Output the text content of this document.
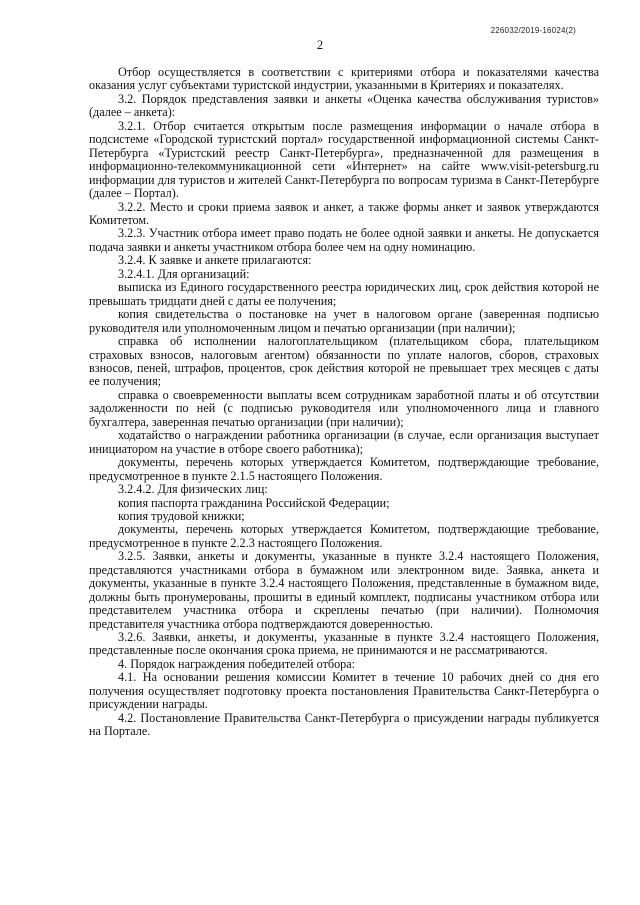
226032/2019-16024(2)
2

Отбор осуществляется в соответствии с критериями отбора и показателями качества оказания услуг субъектами туристской индустрии, указанными в Критериях и показателях.

3.2. Порядок представления заявки и анкеты «Оценка качества обслуживания туристов» (далее – анкета):

3.2.1. Отбор считается открытым после размещения информации о начале отбора в подсистеме «Городской туристский портал» государственной информационной системы Санкт-Петербурга «Туристский реестр Санкт-Петербурга», предназначенной для размещения в информационно-телекоммуникационной сети «Интернет» на сайте www.visit-petersburg.ru информации для туристов и жителей Санкт-Петербурга по вопросам туризма в Санкт-Петербурге (далее – Портал).

3.2.2. Место и сроки приема заявок и анкет, а также формы анкет и заявок утверждаются Комитетом.

3.2.3. Участник отбора имеет право подать не более одной заявки и анкеты. Не допускается подача заявки и анкеты участником отбора более чем на одну номинацию.

3.2.4. К заявке и анкете прилагаются:

3.2.4.1. Для организаций:

выписка из Единого государственного реестра юридических лиц, срок действия которой не превышать тридцати дней с даты ее получения;

копия свидетельства о постановке на учет в налоговом органе (заверенная подписью руководителя или уполномоченным лицом и печатью организации (при наличии);

справка об исполнении налогоплательщиком (плательщиком сбора, плательщиком страховых взносов, налоговым агентом) обязанности по уплате налогов, сборов, страховых взносов, пеней, штрафов, процентов, срок действия которой не превышает трех месяцев с даты ее получения;

справка о своевременности выплаты всем сотрудникам заработной платы и об отсутствии задолженности по ней (с подписью руководителя или уполномоченного лица и главного бухгалтера, заверенная печатью организации (при наличии);

ходатайство о награждении работника организации (в случае, если организация выступает инициатором на участие в отборе своего работника);

документы, перечень которых утверждается Комитетом, подтверждающие требование, предусмотренное в пункте 2.1.5 настоящего Положения.

3.2.4.2. Для физических лиц:

копия паспорта гражданина Российской Федерации;

копия трудовой книжки;

документы, перечень которых утверждается Комитетом, подтверждающие требование, предусмотренное в пункте 2.2.3 настоящего Положения.

3.2.5. Заявки, анкеты и документы, указанные в пункте 3.2.4 настоящего Положения, представляются участниками отбора в бумажном или электронном виде. Заявка, анкета и документы, указанные в пункте 3.2.4 настоящего Положения, представленные в бумажном виде, должны быть пронумерованы, прошиты в единый комплект, подписаны участником отбора или представителем участника отбора и скреплены печатью (при наличии). Полномочия представителя участника отбора подтверждаются доверенностью.

3.2.6. Заявки, анкеты, и документы, указанные в пункте 3.2.4 настоящего Положения, представленные после окончания срока приема, не принимаются и не рассматриваются.

4. Порядок награждения победителей отбора:

4.1. На основании решения комиссии Комитет в течение 10 рабочих дней со дня его получения осуществляет подготовку проекта постановления Правительства Санкт-Петербурга о присуждении награды.

4.2. Постановление Правительства Санкт-Петербурга о присуждении награды публикуется на Портале.
